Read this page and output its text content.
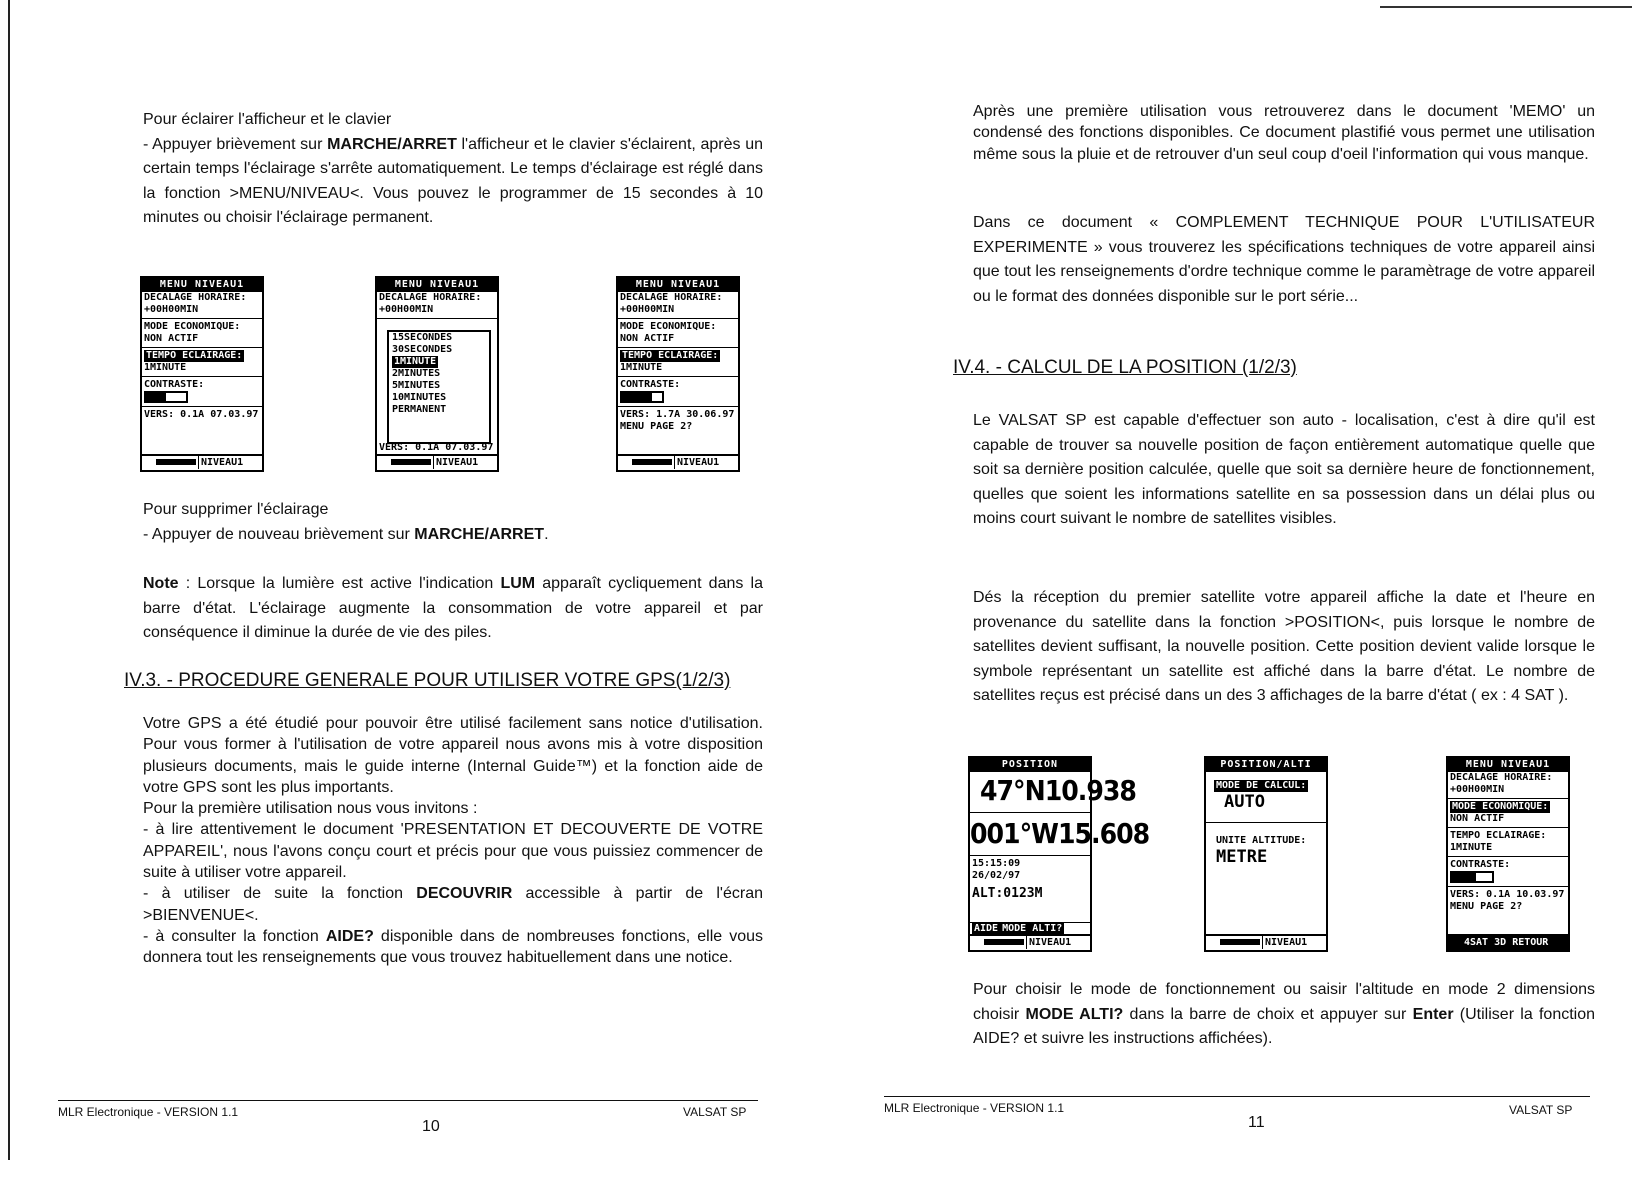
Pour éclairer l'afficheur et le clavier

- Appuyer brièvement sur MARCHE/ARRET l'afficheur et le clavier s'éclairent, après un certain temps l'éclairage s'arrête automatiquement. Le temps d'éclairage est réglé dans la fonction >MENU/NIVEAU<. Vous pouvez le programmer de 15 secondes à 10 minutes ou choisir l'éclairage permanent.

MENU NIVEAU1
DECALAGE HORAIRE:
+00H00MIN
MODE ECONOMIQUE:
NON ACTIF
TEMPO ECLAIRAGE:
1MINUTE
CONTRASTE:
VERS: 0.1A 07.03.97
NIVEAU1
MENU NIVEAU1
DECALAGE HORAIRE:
+00H00MIN
15SECONDES
30SECONDES
1MINUTE
2MINUTES
5MINUTES
10MINUTES
PERMANENT
VERS: 0.1A 07.03.97
NIVEAU1
MENU NIVEAU1
DECALAGE HORAIRE:
+00H00MIN
MODE ECONOMIQUE:
NON ACTIF
TEMPO ECLAIRAGE:
1MINUTE
CONTRASTE:
VERS: 1.7A 30.06.97
MENU PAGE 2?
NIVEAU1

Pour supprimer l'éclairage

- Appuyer de nouveau brièvement sur MARCHE/ARRET.

Note : Lorsque la lumière est active l'indication LUM apparaît cycliquement dans la barre d'état. L'éclairage augmente la consommation de votre appareil et par conséquence il diminue la durée de vie des piles.

IV.3. - PROCEDURE GENERALE POUR UTILISER VOTRE GPS(1/2/3)

Votre GPS a été étudié pour pouvoir être utilisé facilement sans notice d'utilisation. Pour vous former à l'utilisation de votre appareil nous avons mis à votre disposition plusieurs documents, mais le guide interne (Internal Guide™) et la fonction aide de votre GPS sont les plus importants.

Pour la première utilisation nous vous invitons :

- à lire attentivement le document 'PRESENTATION ET DECOUVERTE DE VOTRE APPAREIL', nous l'avons conçu court et précis pour que vous puissiez commencer de suite à utiliser votre appareil.

- à utiliser de suite la fonction DECOUVRIR accessible à partir de l'écran >BIENVENUE<.

- à consulter la fonction AIDE? disponible dans de nombreuses fonctions, elle vous donnera tout les renseignements que vous trouvez habituellement dans une notice.

MLR Electronique - VERSION 1.1	VALSAT SP
10
Après une première utilisation vous retrouverez dans le document 'MEMO' un condensé des fonctions disponibles. Ce document plastifié vous permet une utilisation même sous la pluie et de retrouver d'un seul coup d'oeil l'information qui vous manque.
Dans ce document « COMPLEMENT TECHNIQUE POUR L'UTILISATEUR EXPERIMENTE » vous trouverez les spécifications techniques de votre appareil ainsi que tout les renseignements d'ordre technique comme le paramètrage de votre appareil ou le format des données disponible sur le port série...
IV.4. - CALCUL DE LA POSITION (1/2/3)
Le VALSAT SP est capable d'effectuer son auto - localisation, c'est à dire qu'il est capable de trouver sa nouvelle position de façon entièrement automatique quelle que soit sa dernière position calculée, quelle que soit sa dernière heure de fonctionnement, quelles que soient les informations satellite en sa possession dans un délai plus ou moins court suivant le nombre de satellites visibles.
Dés la réception du premier satellite votre appareil affiche la date et l'heure en provenance du satellite dans la fonction >POSITION<, puis lorsque le nombre de satellites devient suffisant, la nouvelle position. Cette position devient valide lorsque le symbole représentant un satellite est affiché dans la barre d'état. Le nombre de satellites reçus est précisé dans un des 3 affichages de la barre d'état ( ex : 4 SAT ).
POSITION
47°N10.938
001°W15.608
15:15:09
26/02/97
ALT:0123M
AIDE MODE ALTI?
NIVEAU1
POSITION/ALTI
MODE DE CALCUL:
AUTO
UNITE ALTITUDE:
METRE
NIVEAU1
MENU NIVEAU1
DECALAGE HORAIRE:
+00H00MIN
MODE ECONOMIQUE:
NON ACTIF
TEMPO ECLAIRAGE:
1MINUTE
CONTRASTE:
VERS: 0.1A 10.03.97
MENU PAGE 2?
4SAT 3D RETOUR

Pour choisir le mode de fonctionnement ou saisir l'altitude en mode 2 dimensions choisir MODE ALTI? dans la barre de choix et appuyer sur Enter (Utiliser la fonction AIDE? et suivre les instructions affichées).

MLR Electronique - VERSION 1.1	VALSAT SP
11
